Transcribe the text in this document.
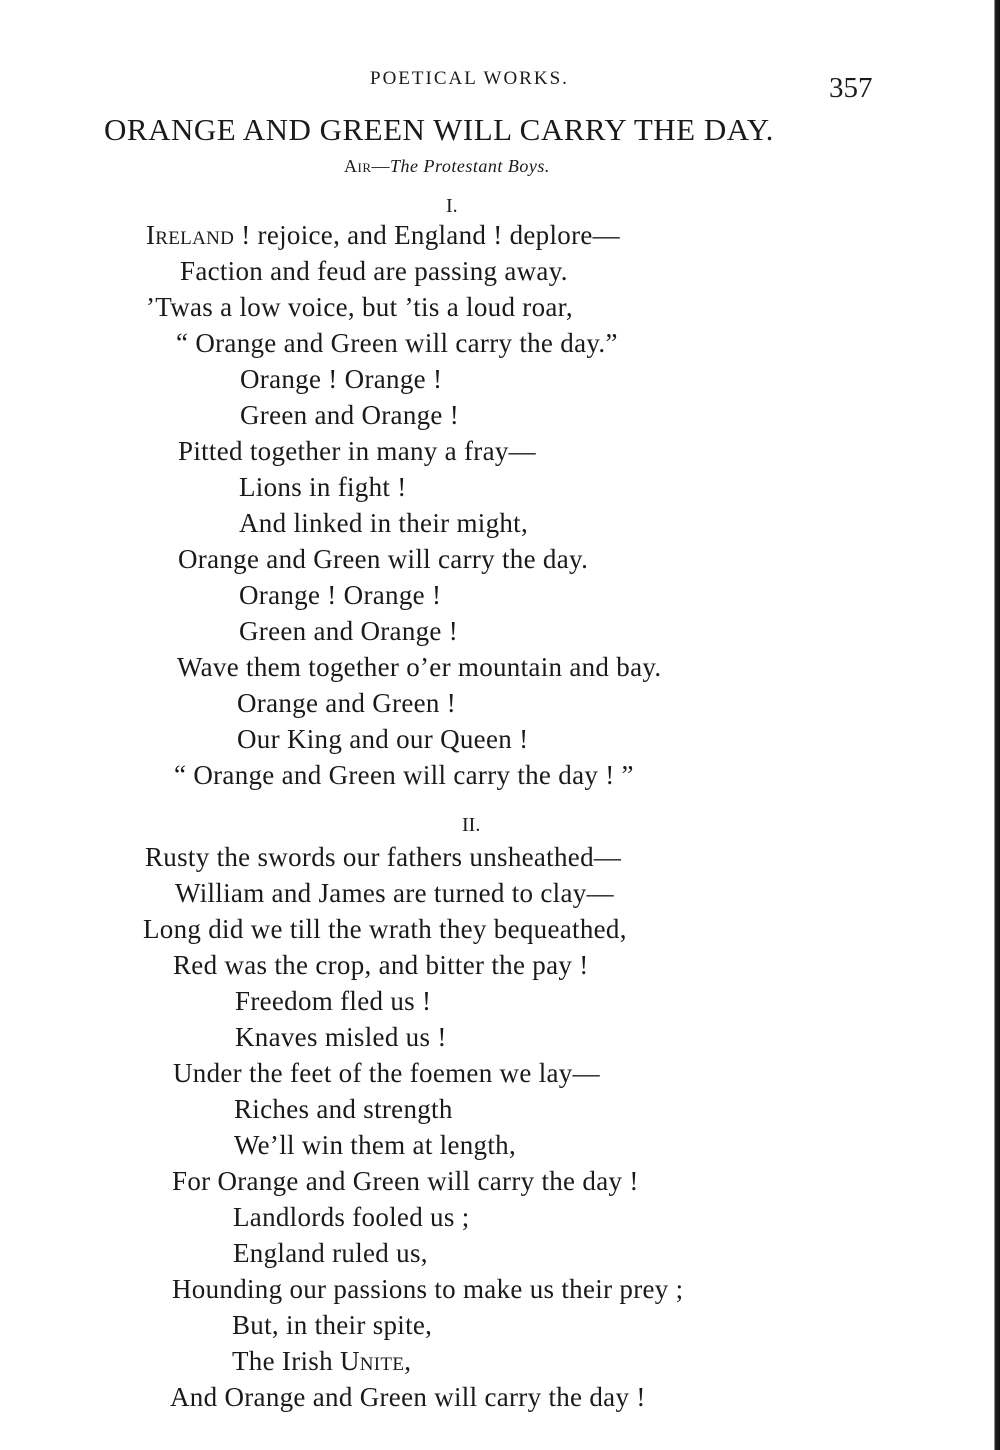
POETICAL WORKS.	357
ORANGE AND GREEN WILL CARRY THE DAY.
Air—The Protestant Boys.
I.
Ireland ! rejoice, and England ! deplore—
Faction and feud are passing away.
’Twas a low voice, but ’tis a loud roar,
“ Orange and Green will carry the day.”
Orange ! Orange !
Green and Orange !
Pitted together in many a fray—
Lions in fight !
And linked in their might,
Orange and Green will carry the day.
Orange ! Orange !
Green and Orange !
Wave them together o’er mountain and bay.
Orange and Green !
Our King and our Queen !
“ Orange and Green will carry the day ! ”
II.
Rusty the swords our fathers unsheathed—
William and James are turned to clay—
Long did we till the wrath they bequeathed,
Red was the crop, and bitter the pay !
Freedom fled us !
Knaves misled us !
Under the feet of the foemen we lay—
Riches and strength
We’ll win them at length,
For Orange and Green will carry the day !
Landlords fooled us ;
England ruled us,
Hounding our passions to make us their prey ;
But, in their spite,
The Irish Unite,
And Orange and Green will carry the day !
